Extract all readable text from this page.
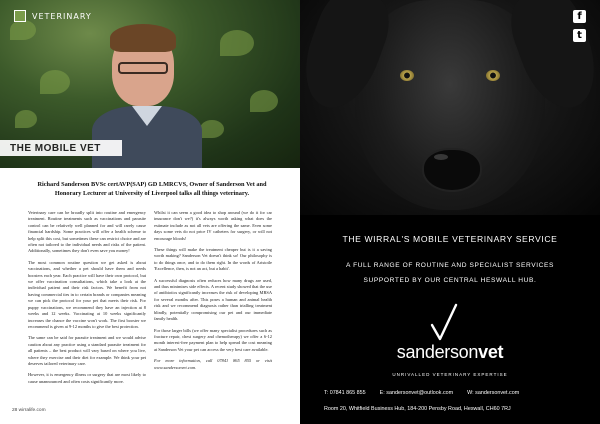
VETERINARY
THE MOBILE VET
Richard Sanderson BVSc certAVP(SAP) GD LMRCVS, Owner of Sanderson Vet and Honorary Lecturer at University of Liverpool talks all things veterinary.

Veterinary care can be broadly split into routine and emergency treatment. Routine treatments such as vaccinations and parasite control can be relatively well planned for and will rarely cause financial hardship. Some practices will offer a health scheme to help split this cost, but sometimes these can restrict choice and are often not tailored to the individual needs and risks of the patient. Additionally, sometimes they don't even save you money!

The most common routine question we get asked is about vaccinations, and whether a pet should have them and needs boosters each year. Each practice will have their own protocol, but we offer vaccination consultations, which take a look at the individual patient and their risk factors. We benefit from not having commercial ties in to certain brands or companies meaning we can pick the protocol for your pet that meets their risk. For puppy vaccinations, we recommend they have an injection at 8 weeks and 12 weeks. Vaccinating at 10 weeks significantly increases the chance the vaccine won't work. The first booster we recommend is given at 9-12 months to give the best protection.

The same can be said for parasite treatment and we would advise caution about any practice using a standard parasite treatment for all patients – the best product will vary based on where you live, where they exercise and their diet for example. We think your pet deserves tailored veterinary care.

However, it is emergency illness or surgery that are most likely to cause unannounced and often costs significantly more.

Whilst it can seem a good idea to shop around (we do it for car insurance don't we?) it's always worth asking what does the estimate include as not all vets are offering the same. Even some days some vets do not price IV catheters for surgery, or will not encourage bloods!

These things will make the treatment cheaper but is it a saving worth making? Sanderson Vet doesn't think so! Our philosophy is to do things once, and to do them right. In the words of Aristotle 'Excellence, then, is not an act, but a habit'.

A successful diagnosis often reduces how many drugs are used, and thus minimises side effects. A recent study showed that the use of antibiotics significantly increases the risk of developing MRSA for several months after. This poses a human and animal health risk and we recommend diagnosis rather than trialling treatment blindly, potentially compromising our pet and our immediate family health.

For those larger bills (we offer many specialist procedures such as fracture repair, chest surgery and chemotherapy) we offer a 6-12 month interest-free payment plan to help spread the cost meaning at Sanderson Vet your pet can access the very best care available.

For more information, call 07841 865 855 or visit www.sandersonvet.com.

28 wirralife.com
f
t
THE WIRRAL'S MOBILE VETERINARY SERVICE
A FULL RANGE OF ROUTINE AND SPECIALIST SERVICES
SUPPORTED BY OUR CENTRAL HESWALL HUB.
sandersonvet
UNRIVALLED VETERINARY EXPERTISE
T: 07841 865 855	E: sandersonvet@outlook.com	W: sandersonvet.com
Room 20, Whitfield Business Hub, 184-200 Pensby Road, Heswall, CH60 7RJ
